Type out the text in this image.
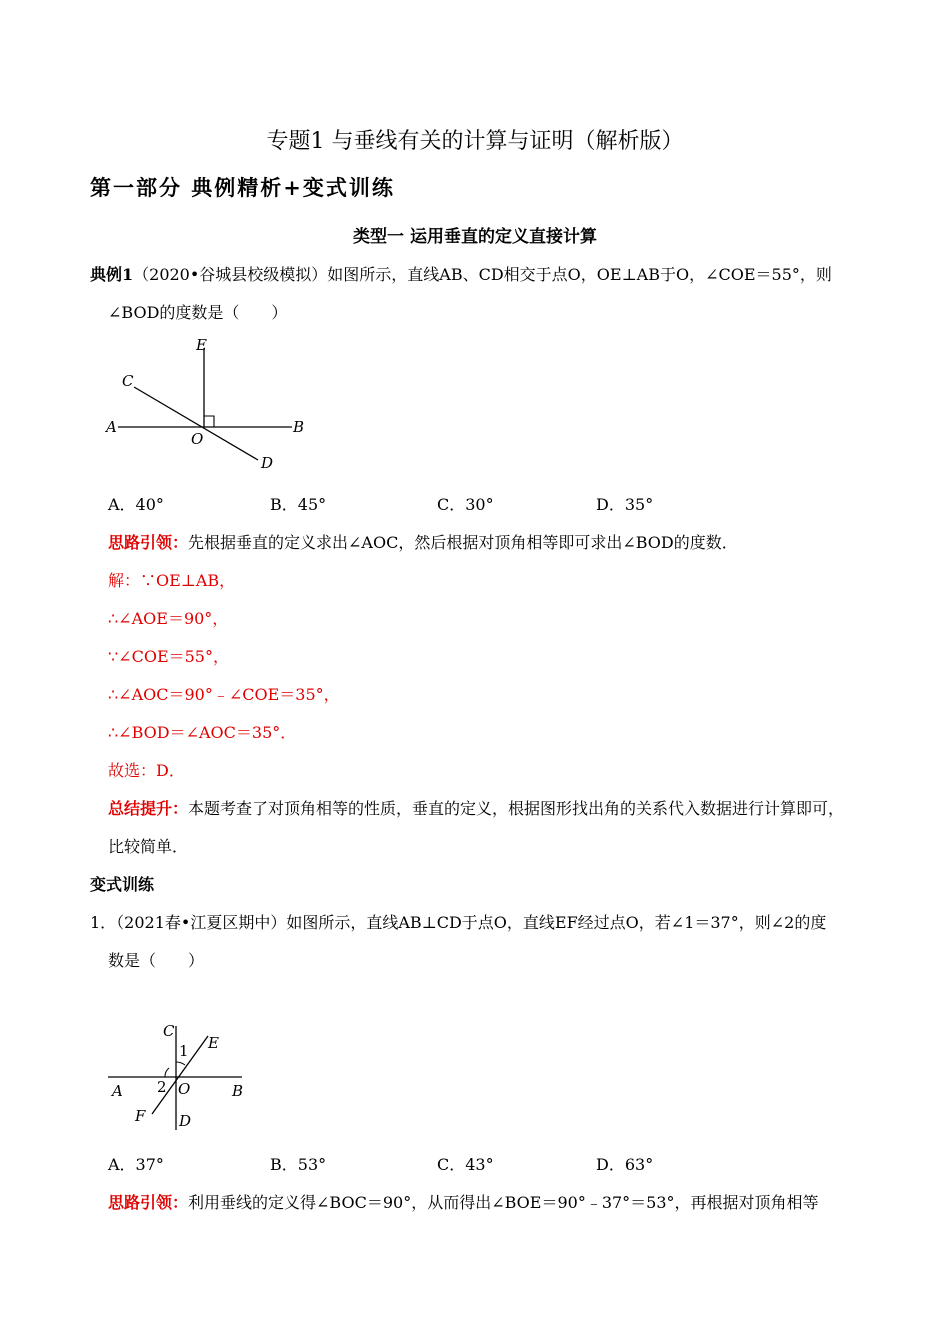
专题1 与垂线有关的计算与证明（解析版）
第一部分 典例精析+变式训练
类型一 运用垂直的定义直接计算
典例1（2020•谷城县校级模拟）如图所示，直线AB、CD相交于点O，OE⊥AB于O，∠COE＝55°，则
∠BOD的度数是（　　）
E
C
A
O
B
D
A．40°	B．45°	C．30°	D．35°
思路引领：先根据垂直的定义求出∠AOC，然后根据对顶角相等即可求出∠BOD的度数．
解：∵OE⊥AB，
∴∠AOE＝90°，
∵∠COE＝55°，
∴∠AOC＝90°﹣∠COE＝35°，
∴∠BOD＝∠AOC＝35°．
故选：D．
总结提升：本题考查了对顶角相等的性质，垂直的定义，根据图形找出角的关系代入数据进行计算即可，
比较简单．
变式训练
1．（2021春•江夏区期中）如图所示，直线AB⊥CD于点O，直线EF经过点O，若∠1＝37°，则∠2的度
数是（　　）
C
E
1
A 2 O	B
F D
A．37°	B．53°	C．43°	D．63°
思路引领：利用垂线的定义得∠BOC＝90°，从而得出∠BOE＝90°﹣37°＝53°，再根据对顶角相等
